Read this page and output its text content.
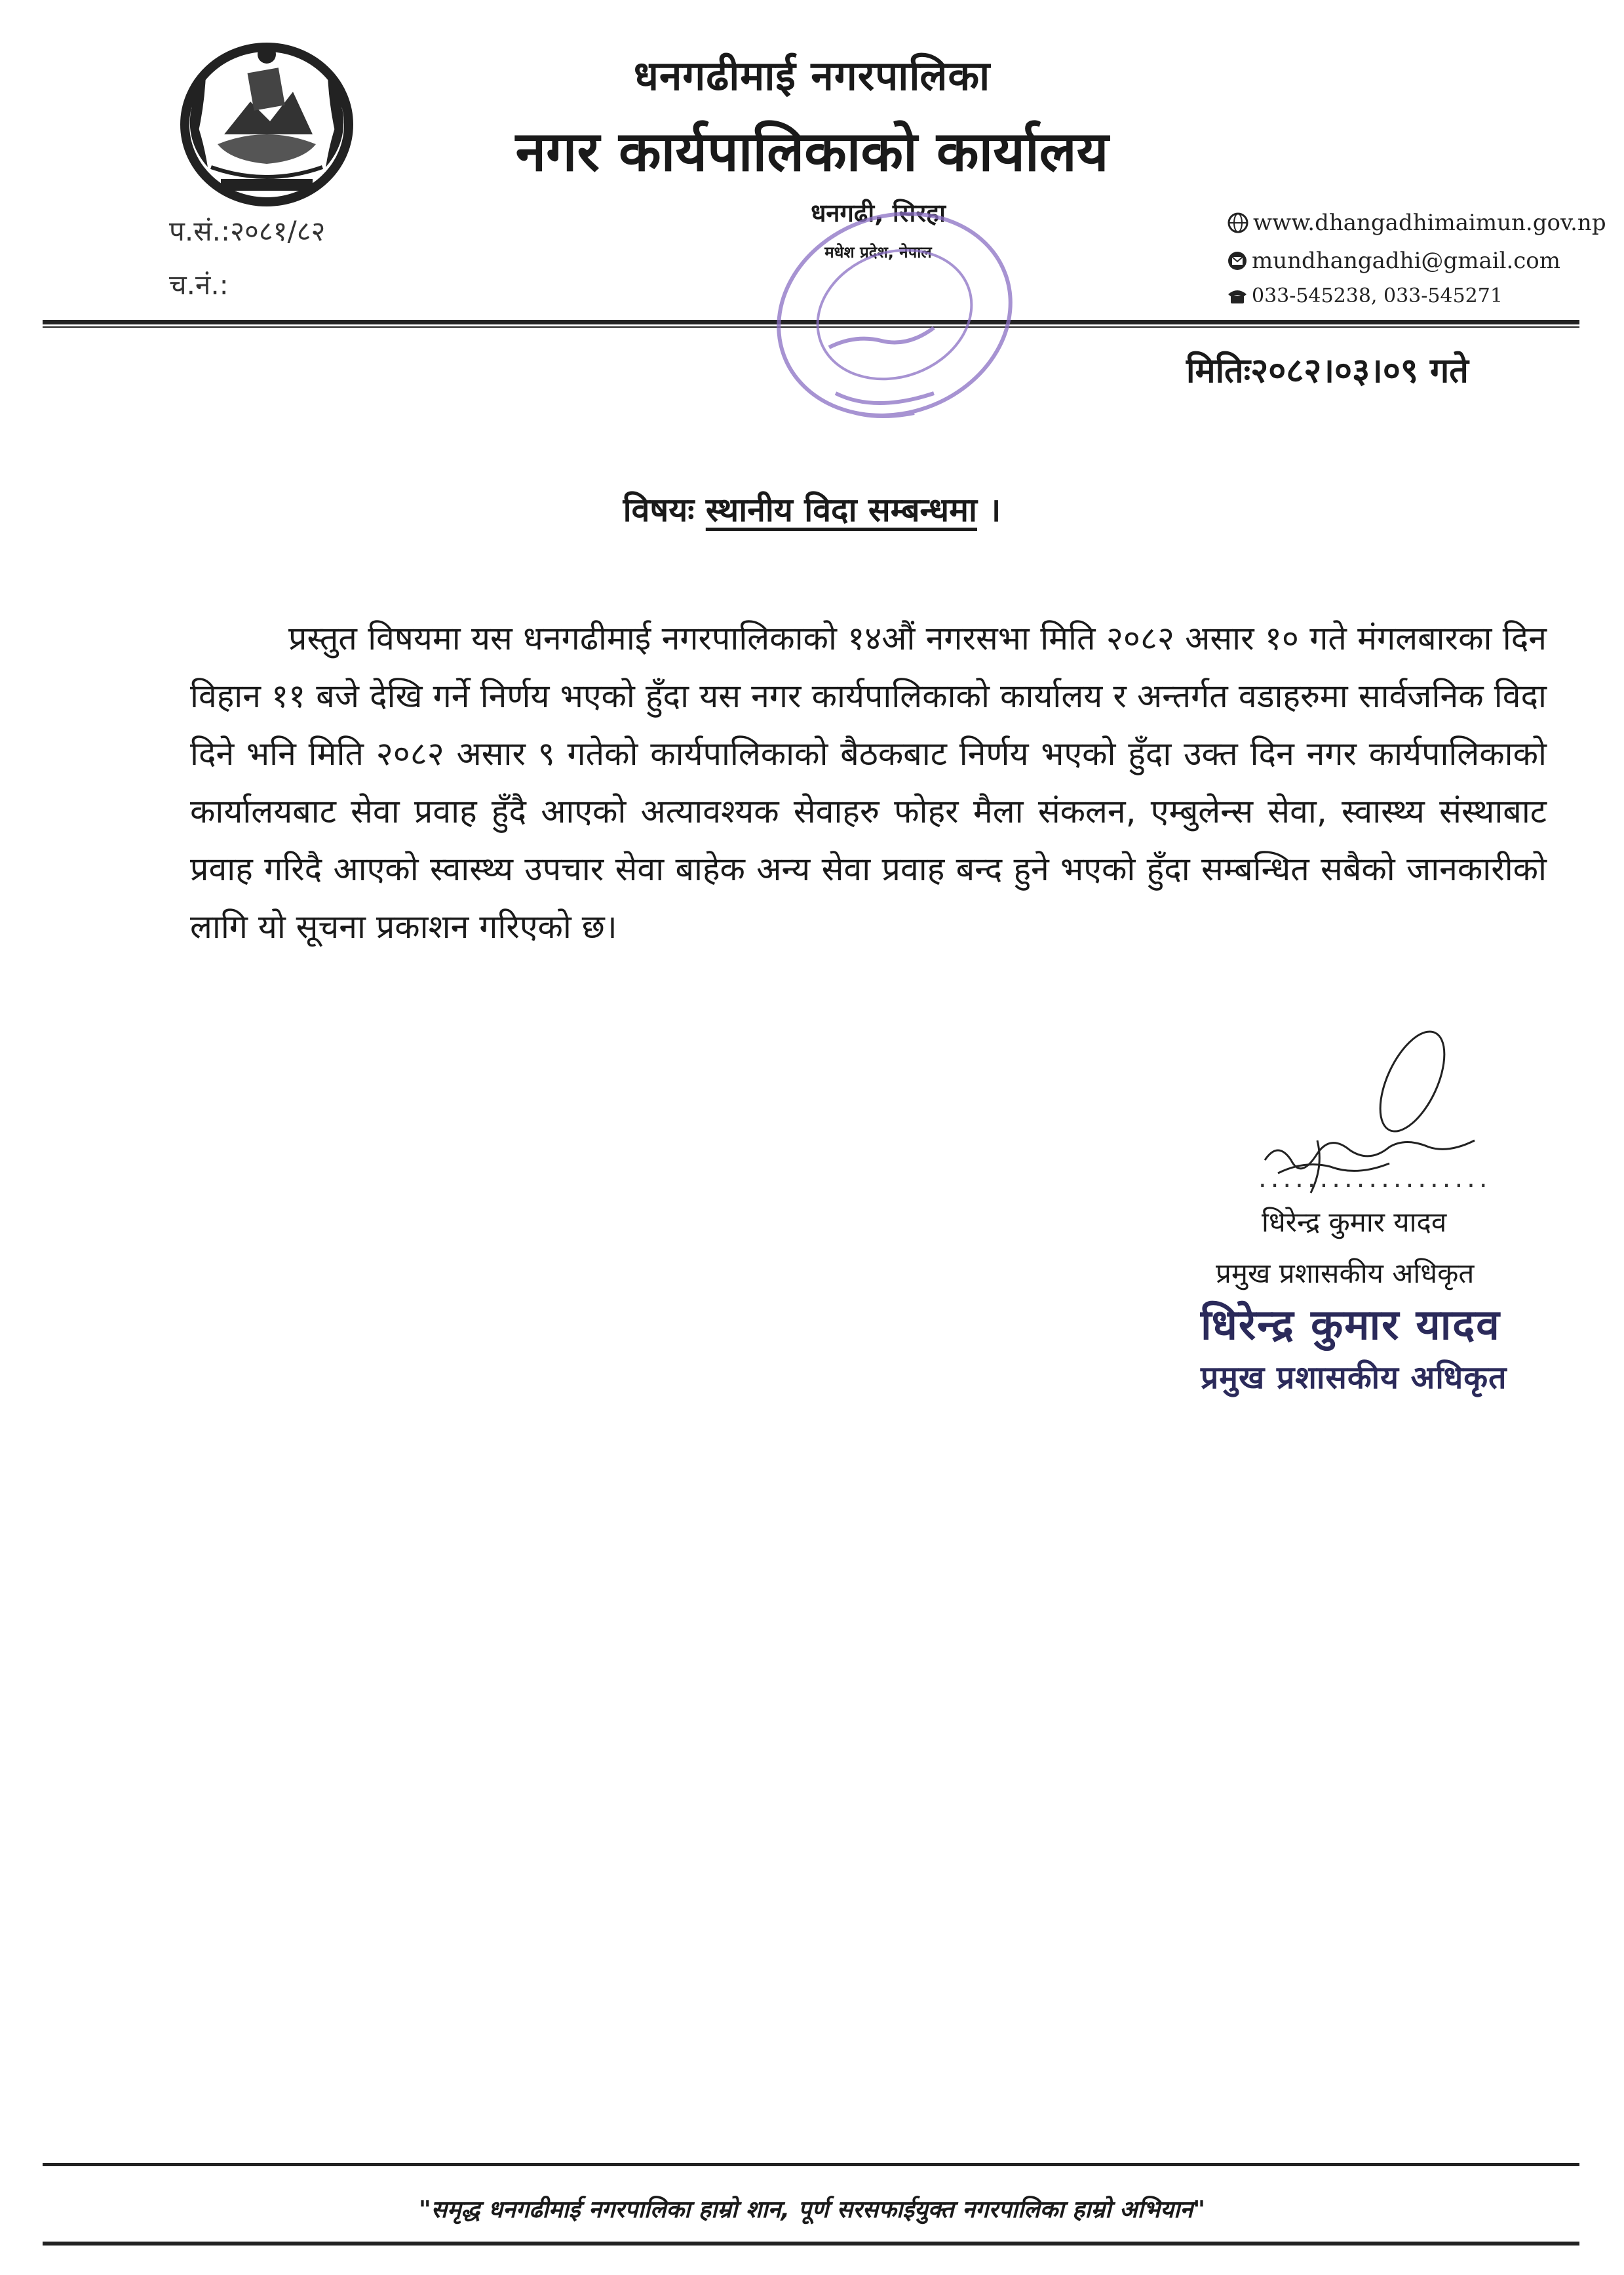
धनगढीमाई नगरपालिका
नगर कार्यपालिकाको कार्यालय
धनगढी, सिरहा
मधेश प्रदेश, नेपाल
प.सं.:२०८१/८२
च.नं.:
www.dhangadhimaimun.gov.np
mundhangadhi@gmail.com
033-545238, 033-545271
मितिः२०८२।०३।०९ गते
विषयः स्थानीय विदा सम्बन्धमा ।
प्रस्तुत विषयमा यस धनगढीमाई नगरपालिकाको १४औं नगरसभा मिति २०८२ असार १० गते मंगलबारका दिन विहान ११ बजे देखि गर्ने निर्णय भएको हुँदा यस नगर कार्यपालिकाको कार्यालय र अन्तर्गत वडाहरुमा सार्वजनिक विदा दिने भनि मिति २०८२ असार ९ गतेको कार्यपालिकाको बैठकबाट निर्णय भएको हुँदा उक्त दिन नगर कार्यपालिकाको कार्यालयबाट सेवा प्रवाह हुँदै आएको अत्यावश्यक सेवाहरु फोहर मैला संकलन, एम्बुलेन्स सेवा, स्वास्थ्य संस्थाबाट प्रवाह गरिदै आएको स्वास्थ्य उपचार सेवा बाहेक अन्य सेवा प्रवाह बन्द हुने भएको हुँदा सम्बन्धित सबैको जानकारीको लागि यो सूचना प्रकाशन गरिएको छ।
...................
धिरेन्द्र कुमार यादव
प्रमुख प्रशासकीय अधिकृत
धिरेन्द्र कुमार यादव
प्रमुख प्रशासकीय अधिकृत
"समृद्ध धनगढीमाई नगरपालिका हाम्रो शान, पूर्ण सरसफाईयुक्त नगरपालिका हाम्रो अभियान"
